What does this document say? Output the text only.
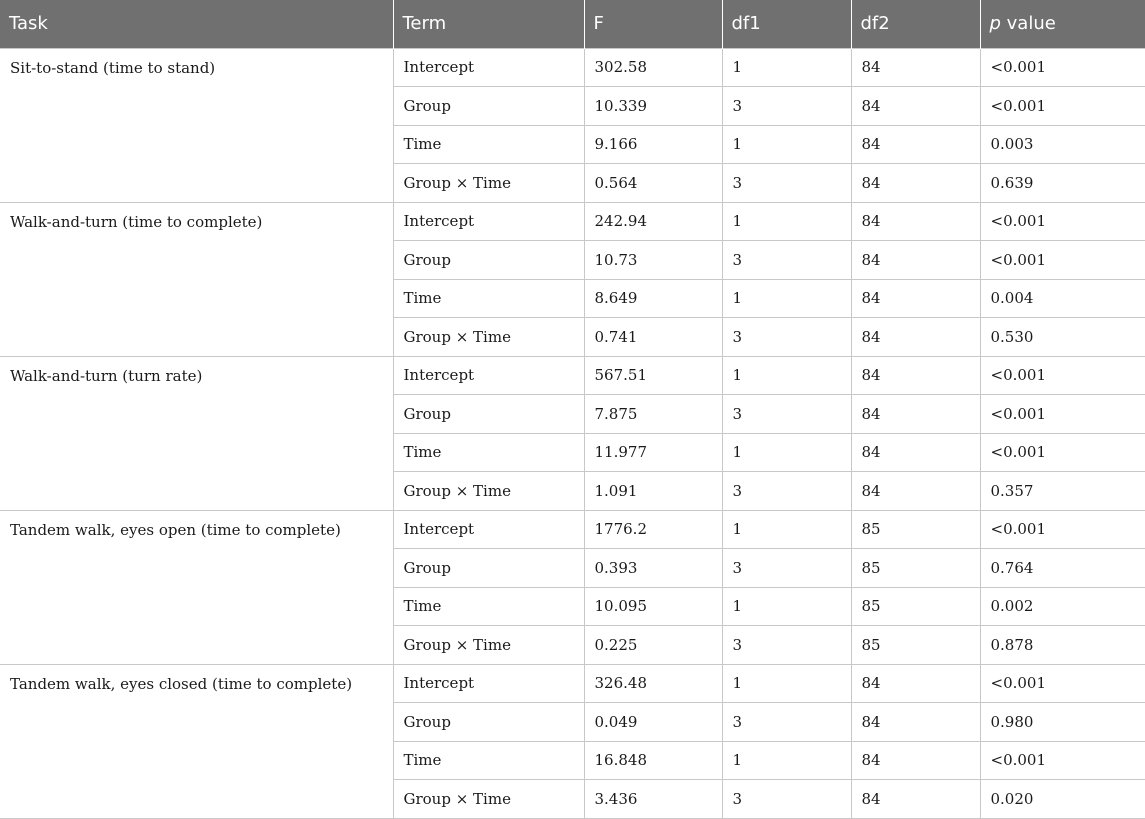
Task	Term	F	df1	df2	p value
Sit-to-stand (time to stand)	Intercept	302.58	1	84	<0.001
	Group	10.339	3	84	<0.001
	Time	9.166	1	84	0.003
	Group × Time	0.564	3	84	0.639
Walk-and-turn (time to complete)	Intercept	242.94	1	84	<0.001
	Group	10.73	3	84	<0.001
	Time	8.649	1	84	0.004
	Group × Time	0.741	3	84	0.530
Walk-and-turn (turn rate)	Intercept	567.51	1	84	<0.001
	Group	7.875	3	84	<0.001
	Time	11.977	1	84	<0.001
	Group × Time	1.091	3	84	0.357
Tandem walk, eyes open (time to complete)	Intercept	1776.2	1	85	<0.001
	Group	0.393	3	85	0.764
	Time	10.095	1	85	0.002
	Group × Time	0.225	3	85	0.878
Tandem walk, eyes closed (time to complete)	Intercept	326.48	1	84	<0.001
	Group	0.049	3	84	0.980
	Time	16.848	1	84	<0.001
	Group × Time	3.436	3	84	0.020
